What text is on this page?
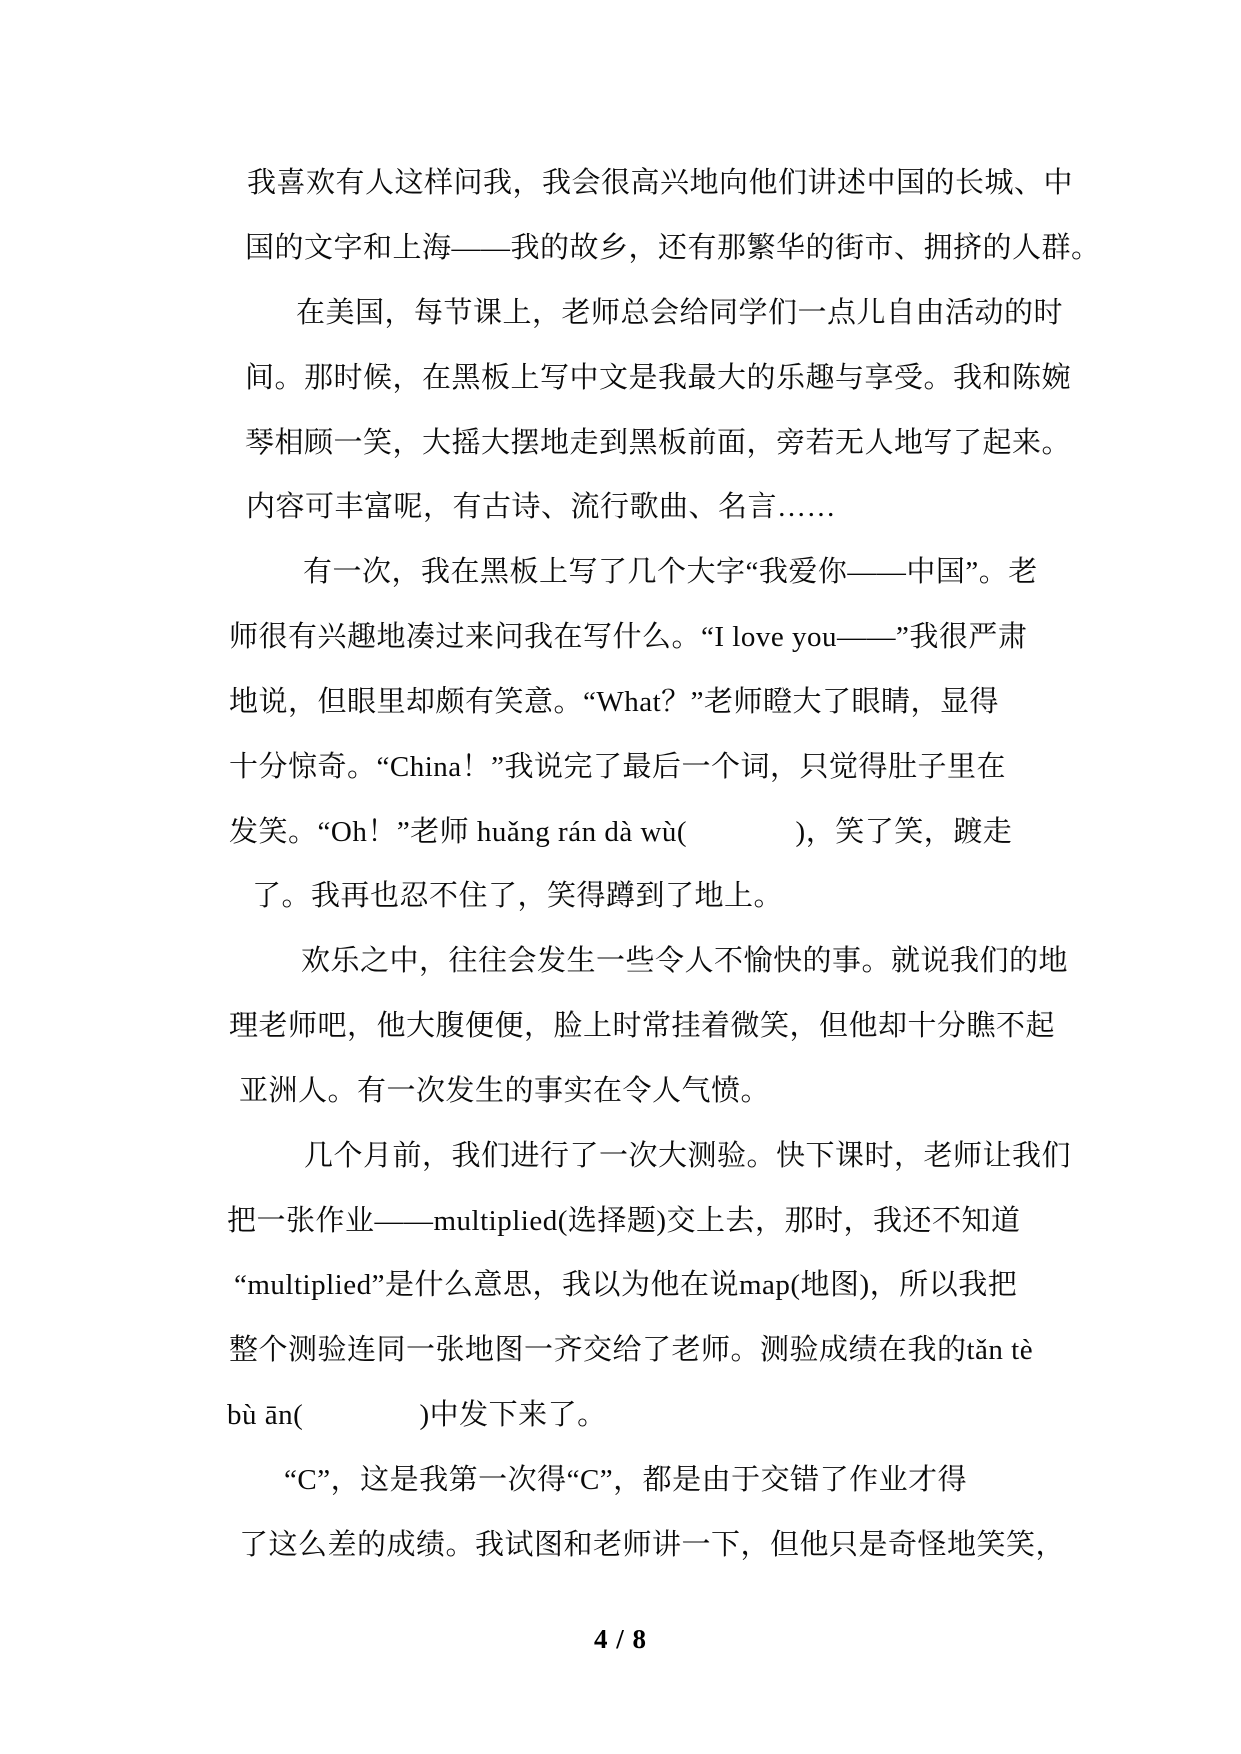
我喜欢有人这样问我，我会很高兴地向他们讲述中国的长城、中
国的文字和上海——我的故乡，还有那繁华的街市、拥挤的人群。
在美国，每节课上，老师总会给同学们一点儿自由活动的时
间。那时候，在黑板上写中文是我最大的乐趣与享受。我和陈婉
琴相顾一笑，大摇大摆地走到黑板前面，旁若无人地写了起来。
内容可丰富呢，有古诗、流行歌曲、名言……
有一次，我在黑板上写了几个大字“我爱你——中国”。老
师很有兴趣地凑过来问我在写什么。“I love you——”我很严肃
地说，但眼里却颇有笑意。“What？”老师瞪大了眼睛，显得
十分惊奇。“China！”我说完了最后一个词，只觉得肚子里在
发笑。“Oh！”老师 huǎng rán dà wù(              )，笑了笑，踱走
了。我再也忍不住了，笑得蹲到了地上。
欢乐之中，往往会发生一些令人不愉快的事。就说我们的地
理老师吧，他大腹便便，脸上时常挂着微笑，但他却十分瞧不起
亚洲人。有一次发生的事实在令人气愤。
几个月前，我们进行了一次大测验。快下课时，老师让我们
把一张作业——multiplied(选择题)交上去，那时，我还不知道
“multiplied”是什么意思，我以为他在说map(地图)，所以我把
整个测验连同一张地图一齐交给了老师。测验成绩在我的tǎn tè
bù ān(               )中发下来了。
“C”，这是我第一次得“C”，都是由于交错了作业才得
了这么差的成绩。我试图和老师讲一下，但他只是奇怪地笑笑，
4 / 8
